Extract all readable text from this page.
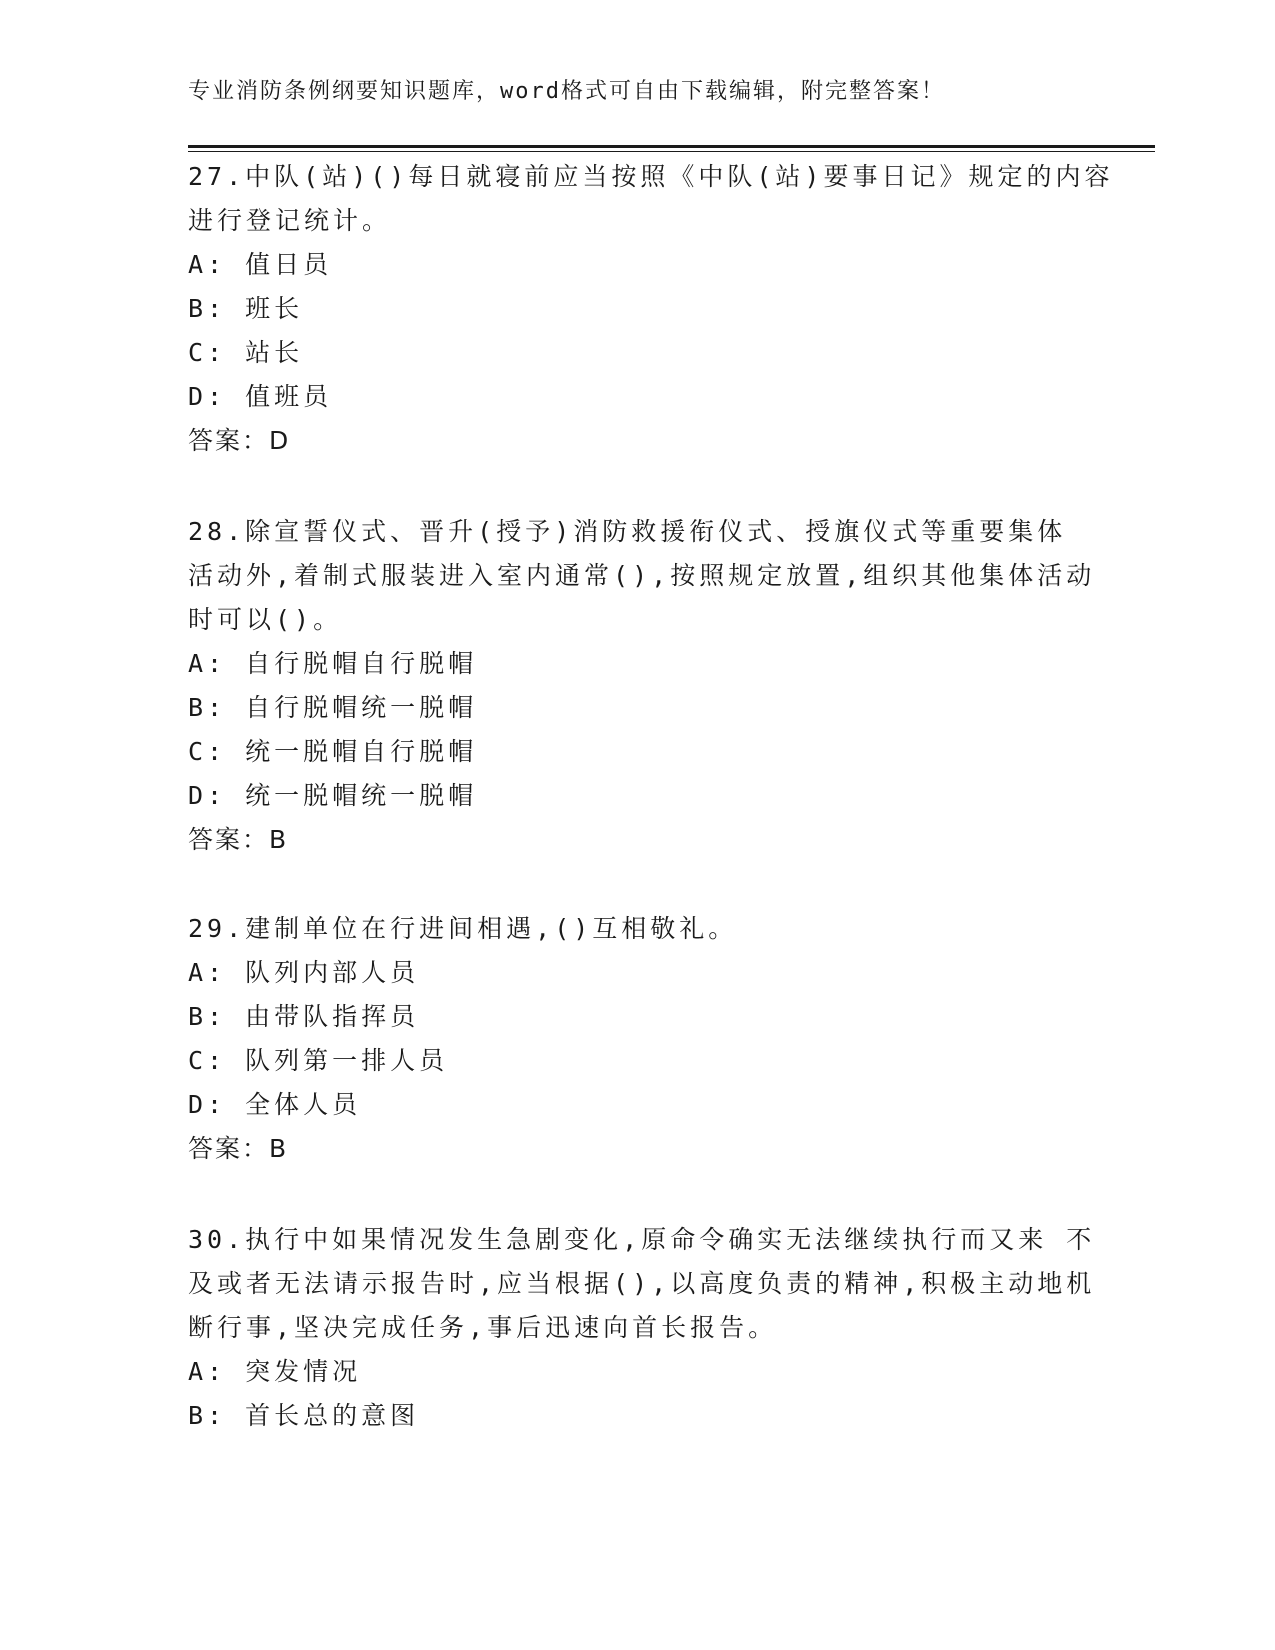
专业消防条例纲要知识题库，word格式可自由下载编辑，附完整答案！
27.中队(站)()每日就寝前应当按照《中队(站)要事日记》规定的内容
进行登记统计。
A: 值日员
B: 班长
C: 站长
D: 值班员
答案：D
28.除宣誓仪式、晋升(授予)消防救援衔仪式、授旗仪式等重要集体
活动外,着制式服装进入室内通常(),按照规定放置,组织其他集体活动
时可以()。
A: 自行脱帽自行脱帽
B: 自行脱帽统一脱帽
C: 统一脱帽自行脱帽
D: 统一脱帽统一脱帽
答案：B
29.建制单位在行进间相遇,()互相敬礼。
A: 队列内部人员
B: 由带队指挥员
C: 队列第一排人员
D: 全体人员
答案：B
30.执行中如果情况发生急剧变化,原命令确实无法继续执行而又来 不
及或者无法请示报告时,应当根据(),以高度负责的精神,积极主动地机
断行事,坚决完成任务,事后迅速向首长报告。
A: 突发情况
B: 首长总的意图
